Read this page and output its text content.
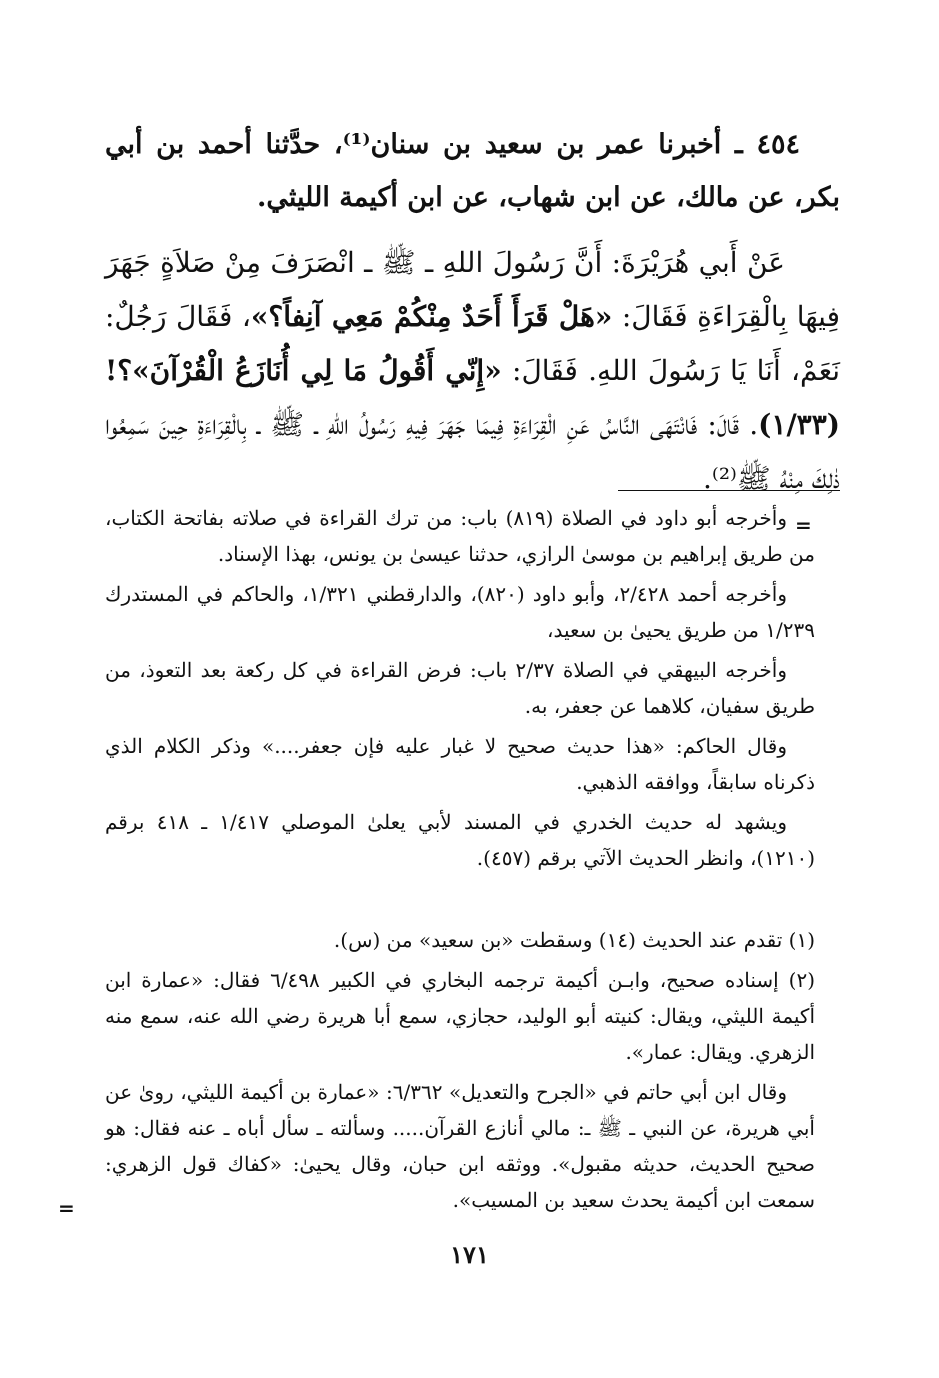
٤٥٤ ـ أخبرنا عمر بن سعيد بن سنان⁽¹⁾، حدَّثنا أحمد بن أبي بكر، عن مالك، عن ابن شهاب، عن ابن أكيمة الليثي.

عَنْ أَبي هُرَيْرَةَ: أَنَّ رَسُولَ اللهِ ـ ﷺ ـ انْصَرَفَ مِنْ صَلاَةٍ جَهَرَ فِيهَا بِالْقِرَاءَةِ فَقَالَ: «هَلْ قَرَأَ أَحَدٌ مِنْكُمْ مَعِي آنِفاً؟»، فَقَالَ رَجُلٌ: نَعَمْ، أَنَا يَا رَسُولَ اللهِ. فَقَالَ: «إِنّي أَقُولُ مَا لِي أُنَازَعُ الْقُرْآنَ»؟! (١/٣٣). قَالَ: فَانْتَهَى النَّاسُ عَنِ الْقِرَاءَةِ فِيمَا جَهَرَ فِيهِ رَسُولُ اللهِ ـ ﷺ ـ بِالْقِرَاءَةِ حِينَ سَمِعُوا ذٰلِكَ مِنْهُ ﷺ⁽²⁾.

=

وأخرجه أبو داود في الصلاة (٨١٩) باب: من ترك القراءة في صلاته بفاتحة الكتاب، من طريق إبراهيم بن موسىٰ الرازي، حدثنا عيسىٰ بن يونس، بهذا الإسناد.

وأخرجه أحمد ٢/٤٢٨، وأبو داود (٨٢٠)، والدارقطني ١/٣٢١، والحاكم في المستدرك ١/٢٣٩ من طريق يحيىٰ بن سعيد،

وأخرجه البيهقي في الصلاة ٢/٣٧ باب: فرض القراءة في كل ركعة بعد التعوذ، من طريق سفيان، كلاهما عن جعفر، به.

وقال الحاكم: «هذا حديث صحيح لا غبار عليه فإن جعفر....» وذكر الكلام الذي ذكرناه سابقاً، ووافقه الذهبي.

ويشهد له حديث الخدري في المسند لأبي يعلىٰ الموصلي ١/٤١٧ ـ ٤١٨ برقم (١٢١٠)، وانظر الحديث الآتي برقم (٤٥٧).

(١) تقدم عند الحديث (١٤) وسقطت «بن سعيد» من (س).

(٢) إسناده صحيح، وابـن أكيمة ترجمه البخاري في الكبير ٦/٤٩٨ فقال: «عمارة ابن أكيمة الليثي، ويقال: كنيته أبو الوليد، حجازي، سمع أبا هريرة رضي الله عنه، سمع منه الزهري. ويقال: عمار».

وقال ابن أبي حاتم في «الجرح والتعديل» ٦/٣٦٢: «عمارة بن أكيمة الليثي، روىٰ عن أبي هريرة، عن النبي ـ ﷺ ـ: مالي أنازع القرآن..... وسألته ـ سأل أباه ـ عنه فقال: هو صحيح الحديث، حديثه مقبول». ووثقه ابن حبان، وقال يحيىٰ: «كفاك قول الزهري: سمعت ابن أكيمة يحدث سعيد بن المسيب».

=
١٧١
